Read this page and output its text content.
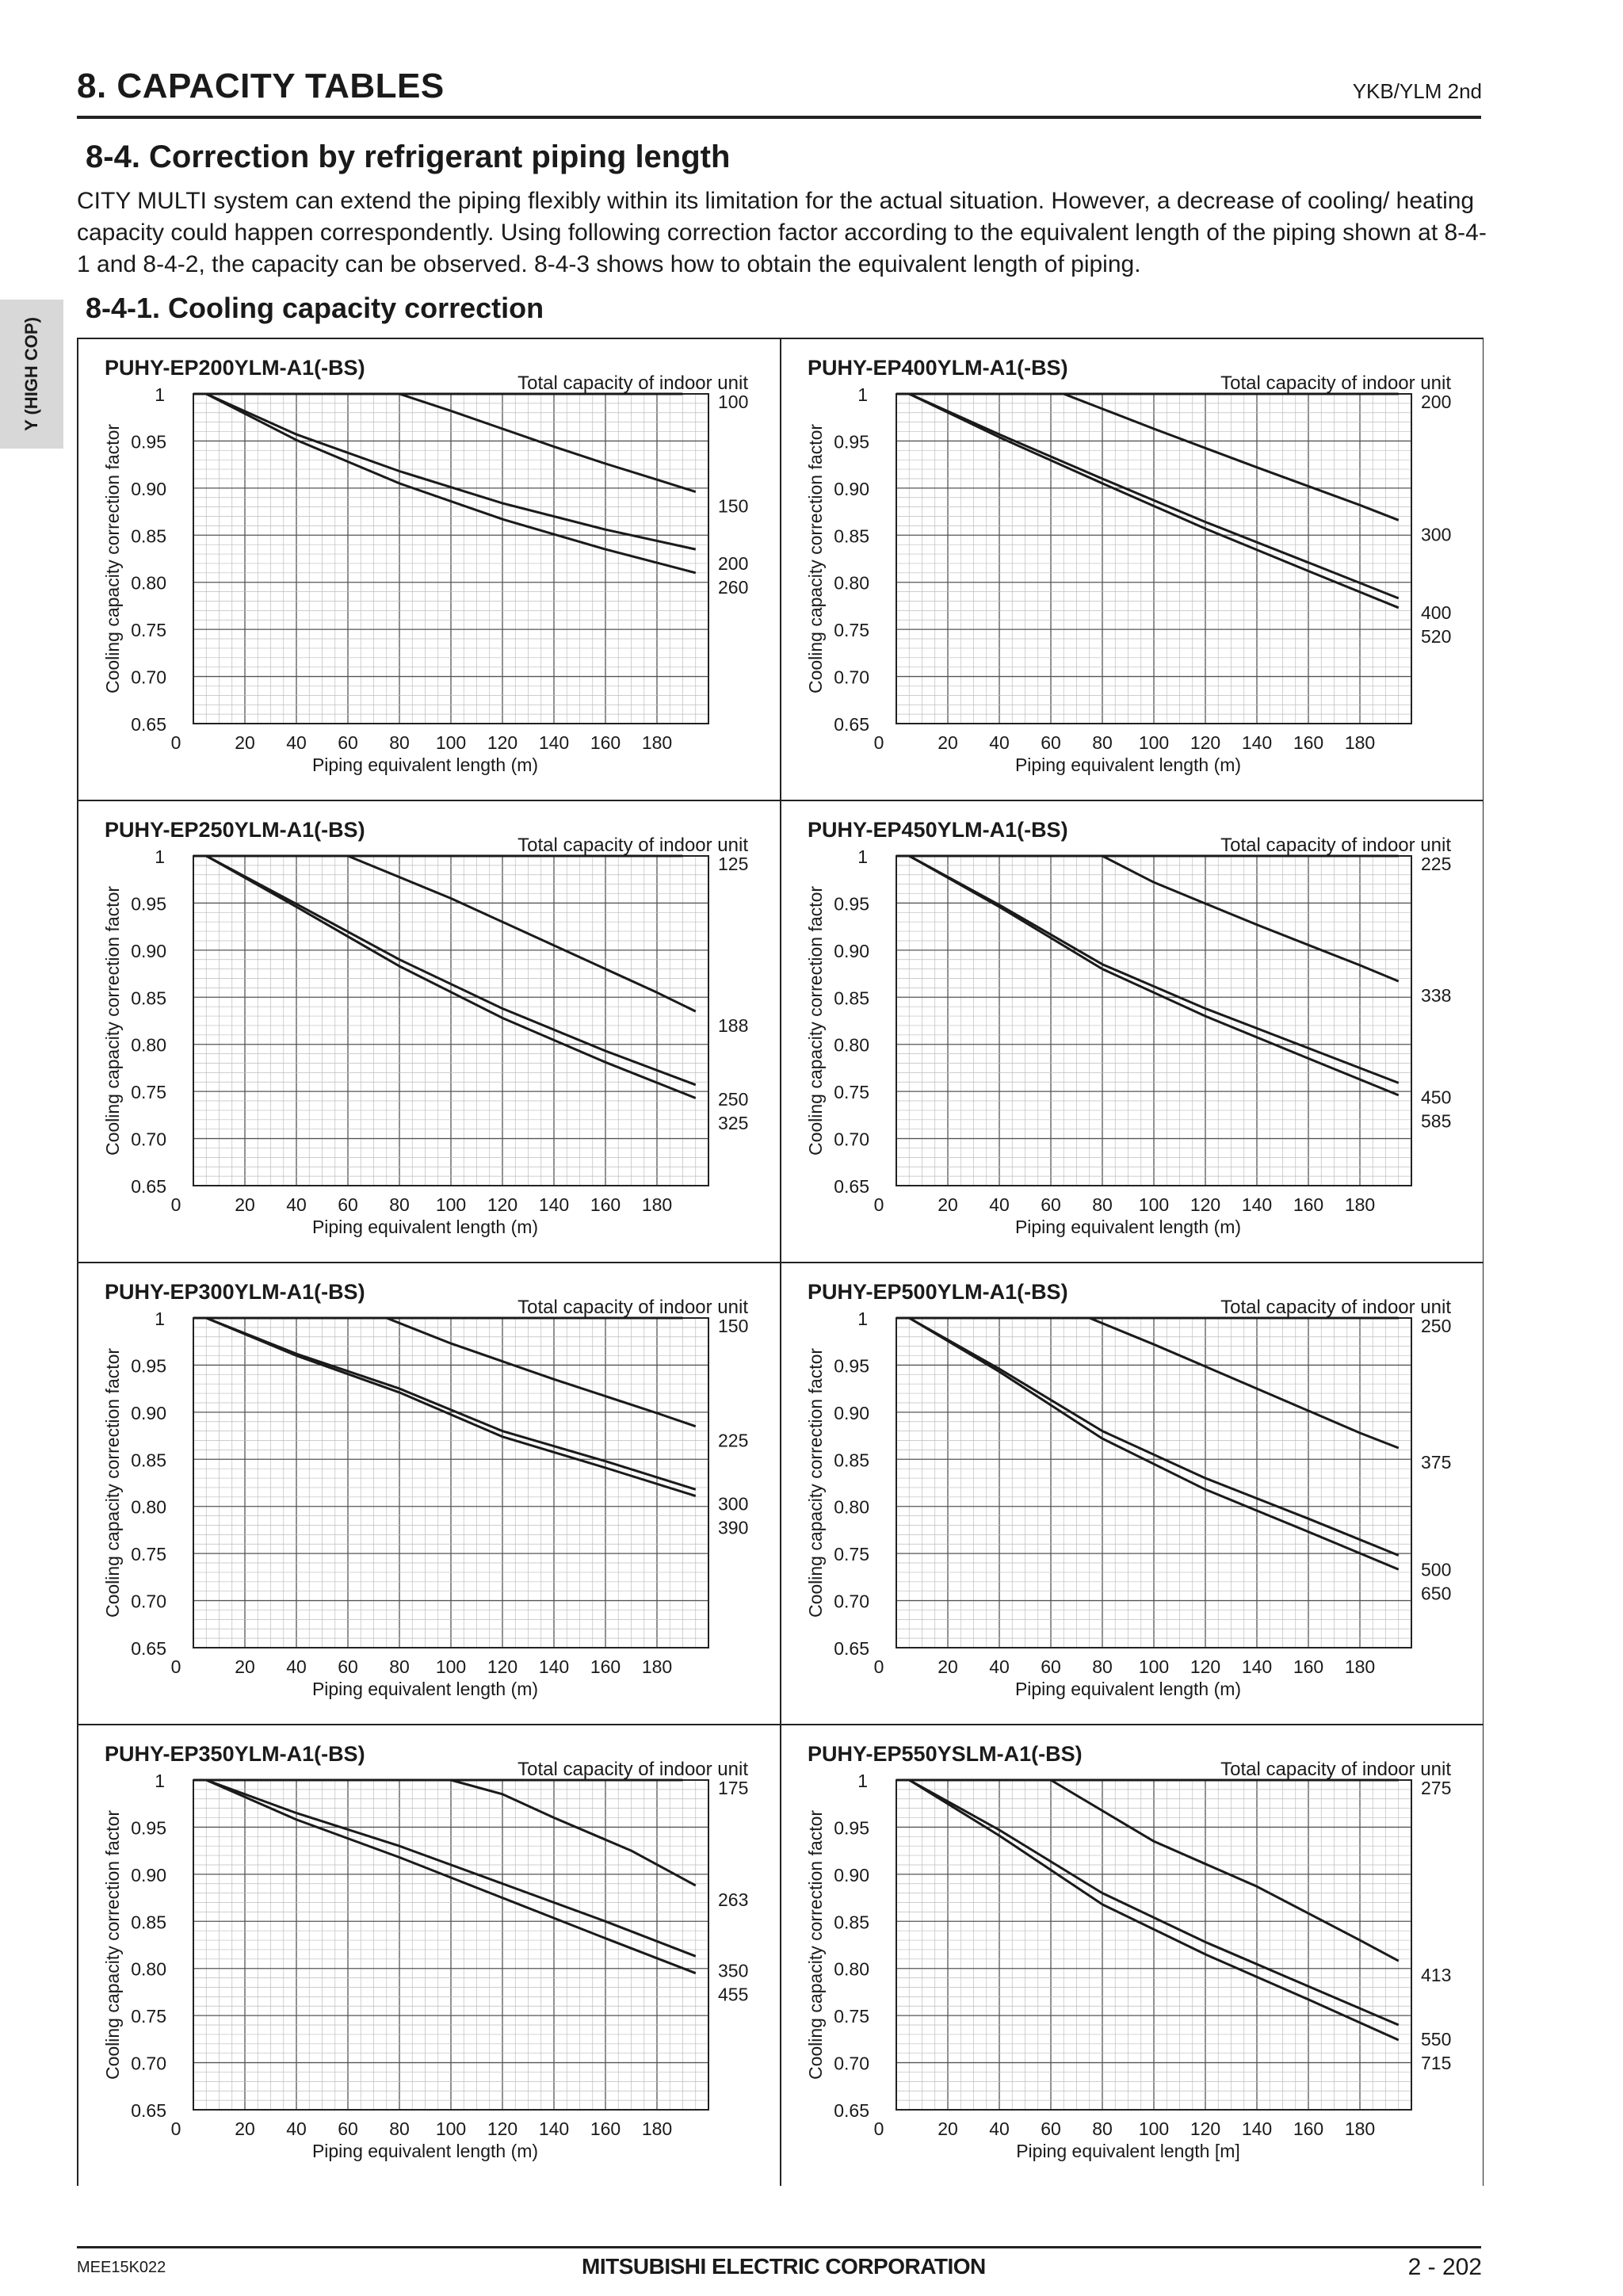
8. CAPACITY TABLES	YKB/YLM 2nd
8-4. Correction by refrigerant piping length
CITY MULTI system can extend the piping flexibly within its limitation for the actual situation. However, a decrease of cooling/ heating capacity could happen correspondently. Using following correction factor according to the equivalent length of the piping shown at 8-4-1 and 8-4-2, the capacity can be observed. 8-4-3 shows how to obtain the equivalent length of piping.
Y (HIGH COP)
8-4-1. Cooling capacity correction
PUHY-EP200YLM-A1(-BS)
Total capacity of indoor unit
1
0.95
0.90
0.85
0.80
0.75
0.70
0.65
0	20 40 60 80 100 120 140 160 180
Piping equivalent length (m)
Cooling capacity correction factor
100
150
200
260
PUHY-EP400YLM-A1(-BS)
Total capacity of indoor unit
1
0.95
0.90
0.85
0.80
0.75
0.70
0.65
0	20 40 60 80 100 120 140 160 180
Piping equivalent length (m)
Cooling capacity correction factor
200
300
400
520
PUHY-EP250YLM-A1(-BS)
Total capacity of indoor unit
1
0.95
0.90
0.85
0.80
0.75
0.70
0.65
0	20 40 60 80 100 120 140 160 180
Piping equivalent length (m)
Cooling capacity correction factor
125
188
250
325
PUHY-EP450YLM-A1(-BS)
Total capacity of indoor unit
1
0.95
0.90
0.85
0.80
0.75
0.70
0.65
0	20 40 60 80 100 120 140 160 180
Piping equivalent length (m)
Cooling capacity correction factor
225
338
450
585
PUHY-EP300YLM-A1(-BS)
Total capacity of indoor unit
1
0.95
0.90
0.85
0.80
0.75
0.70
0.65
0	20 40 60 80 100 120 140 160 180
Piping equivalent length (m)
Cooling capacity correction factor
150
225
300
390
PUHY-EP500YLM-A1(-BS)
Total capacity of indoor unit
1
0.95
0.90
0.85
0.80
0.75
0.70
0.65
0	20 40 60 80 100 120 140 160 180
Piping equivalent length (m)
Cooling capacity correction factor
250
375
500
650
PUHY-EP350YLM-A1(-BS)
Total capacity of indoor unit
1
0.95
0.90
0.85
0.80
0.75
0.70
0.65
0	20 40 60 80 100 120 140 160 180
Piping equivalent length (m)
Cooling capacity correction factor
175
263
350
455
PUHY-EP550YSLM-A1(-BS)
Total capacity of indoor unit
1
0.95
0.90
0.85
0.80
0.75
0.70
0.65
0	20 40 60 80 100 120 140 160 180
Piping equivalent length [m]
Cooling capacity correction factor
275
413
550
715
MEE15K022	MITSUBISHI ELECTRIC CORPORATION	2 - 202
